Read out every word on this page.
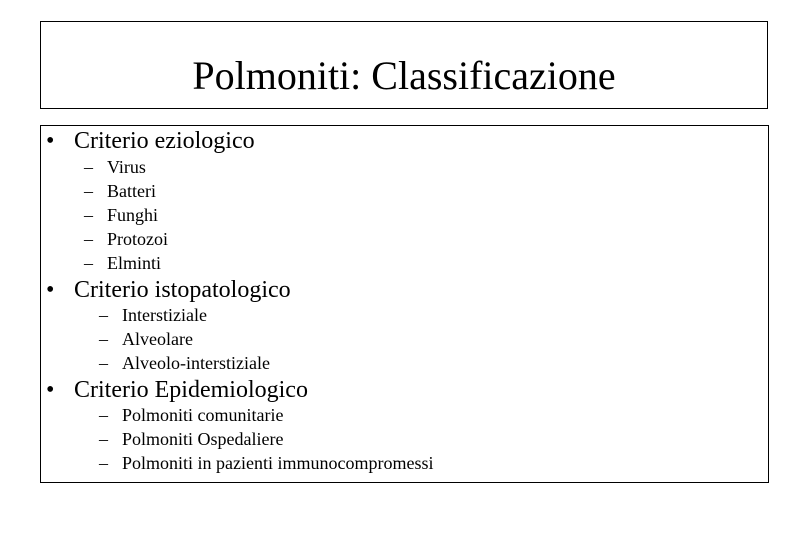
Polmoniti: Classificazione
• Criterio eziologico
– Virus
– Batteri
– Funghi
– Protozoi
– Elminti
• Criterio istopatologico
– Interstiziale
– Alveolare
– Alveolo-interstiziale
• Criterio Epidemiologico
– Polmoniti comunitarie
– Polmoniti Ospedaliere
– Polmoniti in pazienti immunocompromessi
